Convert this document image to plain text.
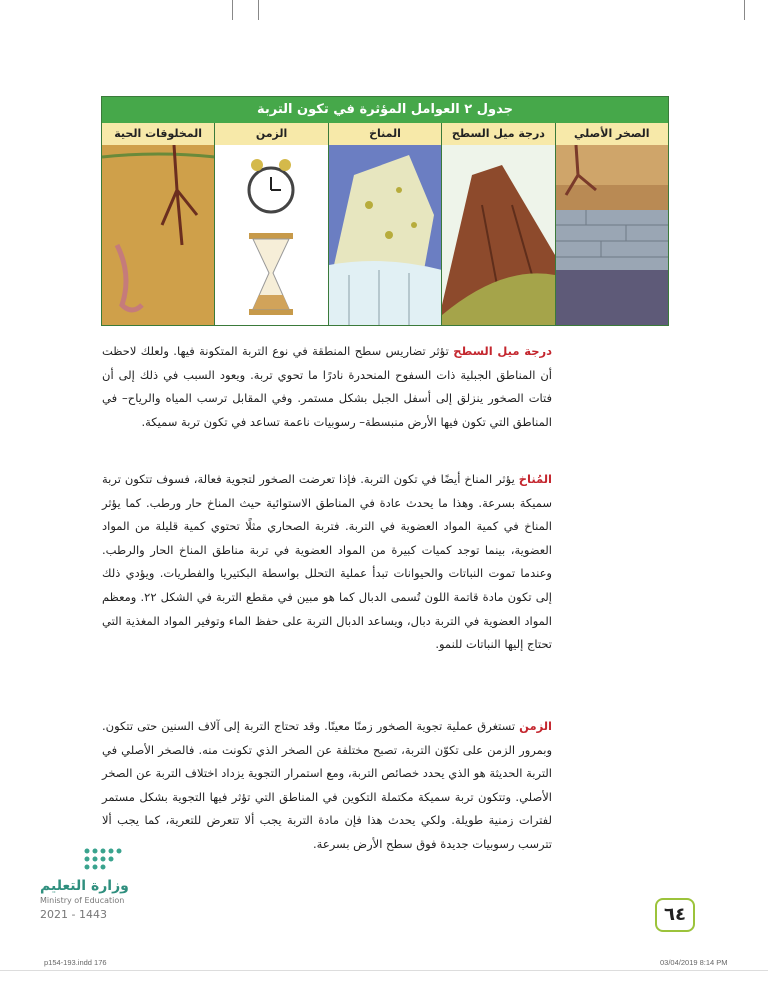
جدول ٢ العوامل المؤثرة في تكون التربة
الصخر الأصلي
درجة ميل السطح
المناخ
الزمن
المخلوقات الحية
درجة ميل السطح تؤثر تضاريس سطح المنطقة في نوع التربة المتكونة فيها. ولعلك لاحظت أن المناطق الجبلية ذات السفوح المنحدرة نادرًا ما تحوي تربة. ويعود السبب في ذلك إلى أن فتات الصخور ينزلق إلى أسفل الجبل بشكل مستمر. وفي المقابل ترسب المياه والرياح– في المناطق التي تكون فيها الأرض منبسطة– رسوبيات ناعمة تساعد في تكون تربة سميكة.
المُناخ يؤثر المناخ أيضًا في تكون التربة. فإذا تعرضت الصخور لتجوية فعالة، فسوف تتكون تربة سميكة بسرعة. وهذا ما يحدث عادة في المناطق الاستوائية حيث المناخ حار ورطب. كما يؤثر المناخ في كمية المواد العضوية في التربة. فتربة الصحاري مثلًا تحتوي كمية قليلة من المواد العضوية، بينما توجد كميات كبيرة من المواد العضوية في تربة مناطق المناخ الحار والرطب. وعندما تموت النباتات والحيوانات تبدأ عملية التحلل بواسطة البكتيريا والفطريات. ويؤدي ذلك إلى تكون مادة قاتمة اللون تُسمى الدبال كما هو مبين في مقطع التربة في الشكل ٢٢. ومعظم المواد العضوية في التربة دبال، ويساعد الدبال التربة على حفظ الماء وتوفير المواد المغذية التي تحتاج إليها النباتات للنمو.
الزمن تستغرق عملية تجوية الصخور زمنًا معينًا. وقد تحتاج التربة إلى آلاف السنين حتى تتكون. وبمرور الزمن على تكوّن التربة، تصبح مختلفة عن الصخر الذي تكونت منه. فالصخر الأصلي في التربة الحديثة هو الذي يحدد خصائص التربة، ومع استمرار التجوية يزداد اختلاف التربة عن الصخر الأصلي. وتتكون تربة سميكة مكتملة التكوين في المناطق التي تؤثر فيها التجوية بشكل مستمر لفترات زمنية طويلة. ولكي يحدث هذا فإن مادة التربة يجب ألا تتعرض للتعرية، كما يجب ألا تترسب رسوبيات جديدة فوق سطح الأرض بسرعة.
وزارة التعليم
Ministry of Education
2021 - 1443	٦٤
p154-193.indd 176	03/04/2019 8:14 PM
